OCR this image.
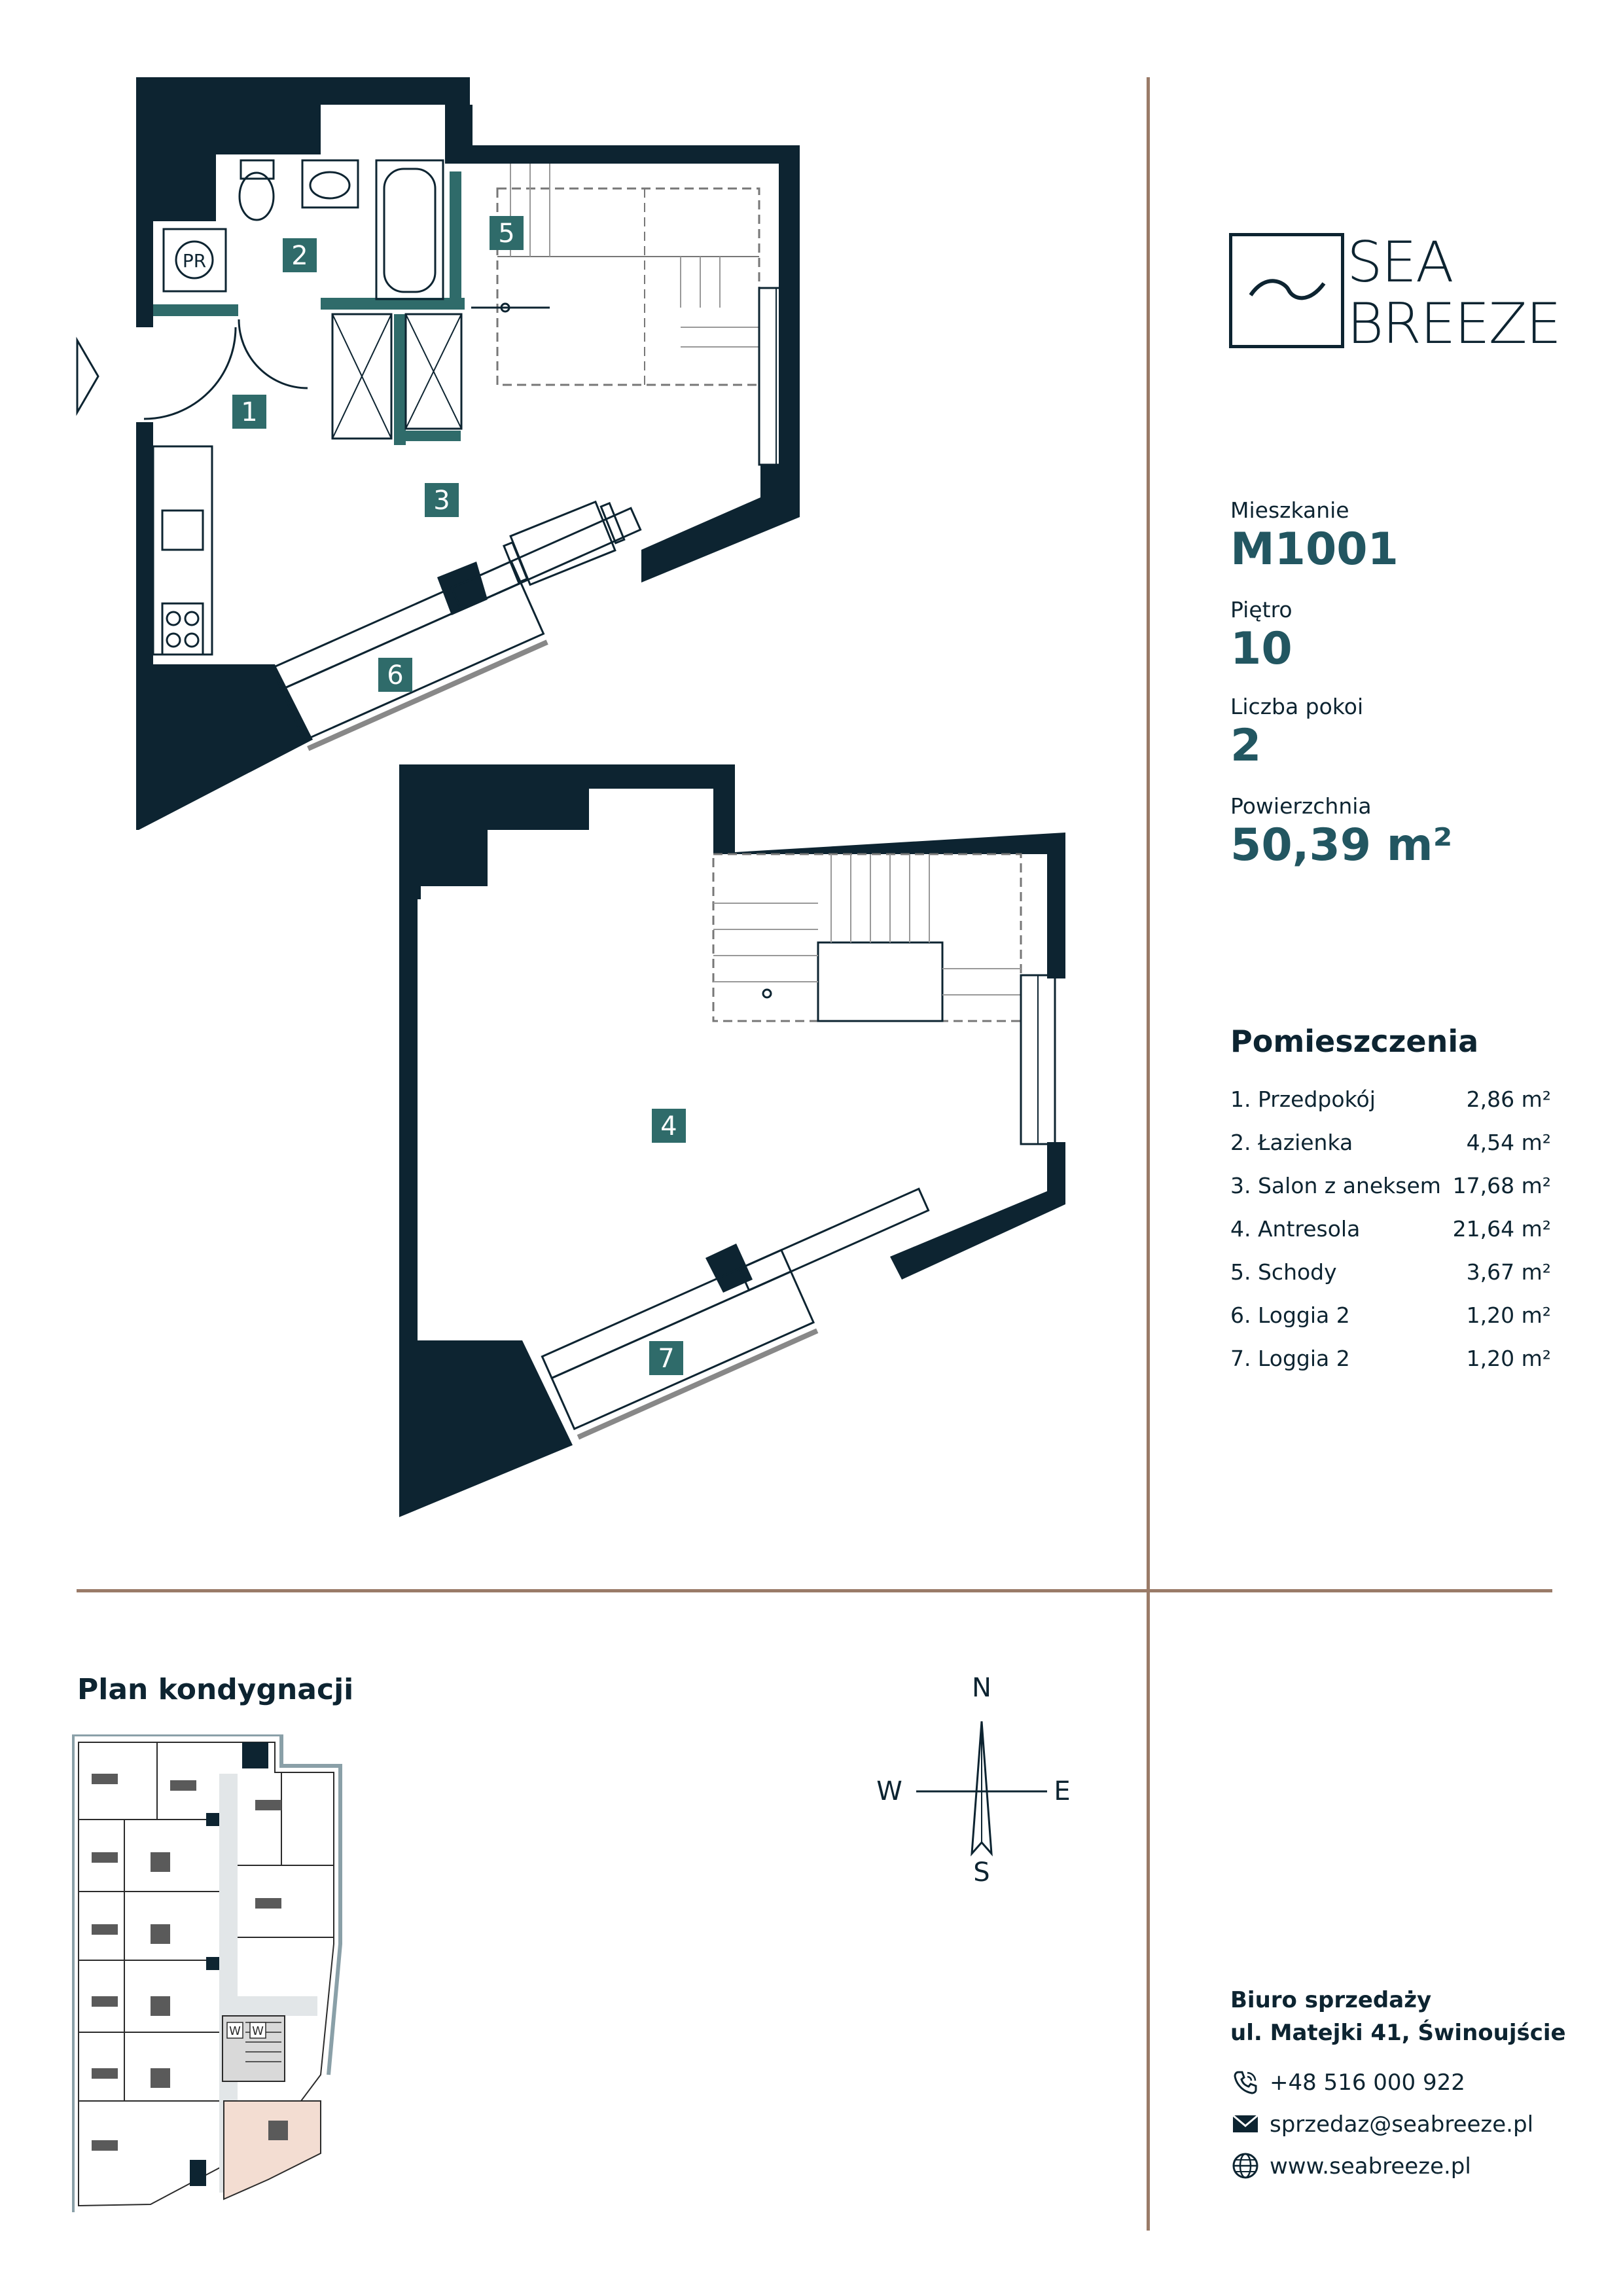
PR
1
2
3
4
5
6
7
SEA
BREEZE
Mieszkanie
M1001
Piętro
10
Liczba pokoi
2
Powierzchnia
50,39 m²
Pomieszczenia
1. Przedpokój	2,86 m²
2. Łazienka	4,54 m²
3. Salon z aneksem 17,68 m²
4. Antresola	21,64 m²
5. Schody	3,67 m²
6. Loggia 2	1,20 m²
7. Loggia 2	1,20 m²
Plan kondygnacji
W W
N
S
W	E
Biuro sprzedaży
ul. Matejki 41, Świnoujście
+48 516 000 922
sprzedaz@seabreeze.pl
www.seabreeze.pl
